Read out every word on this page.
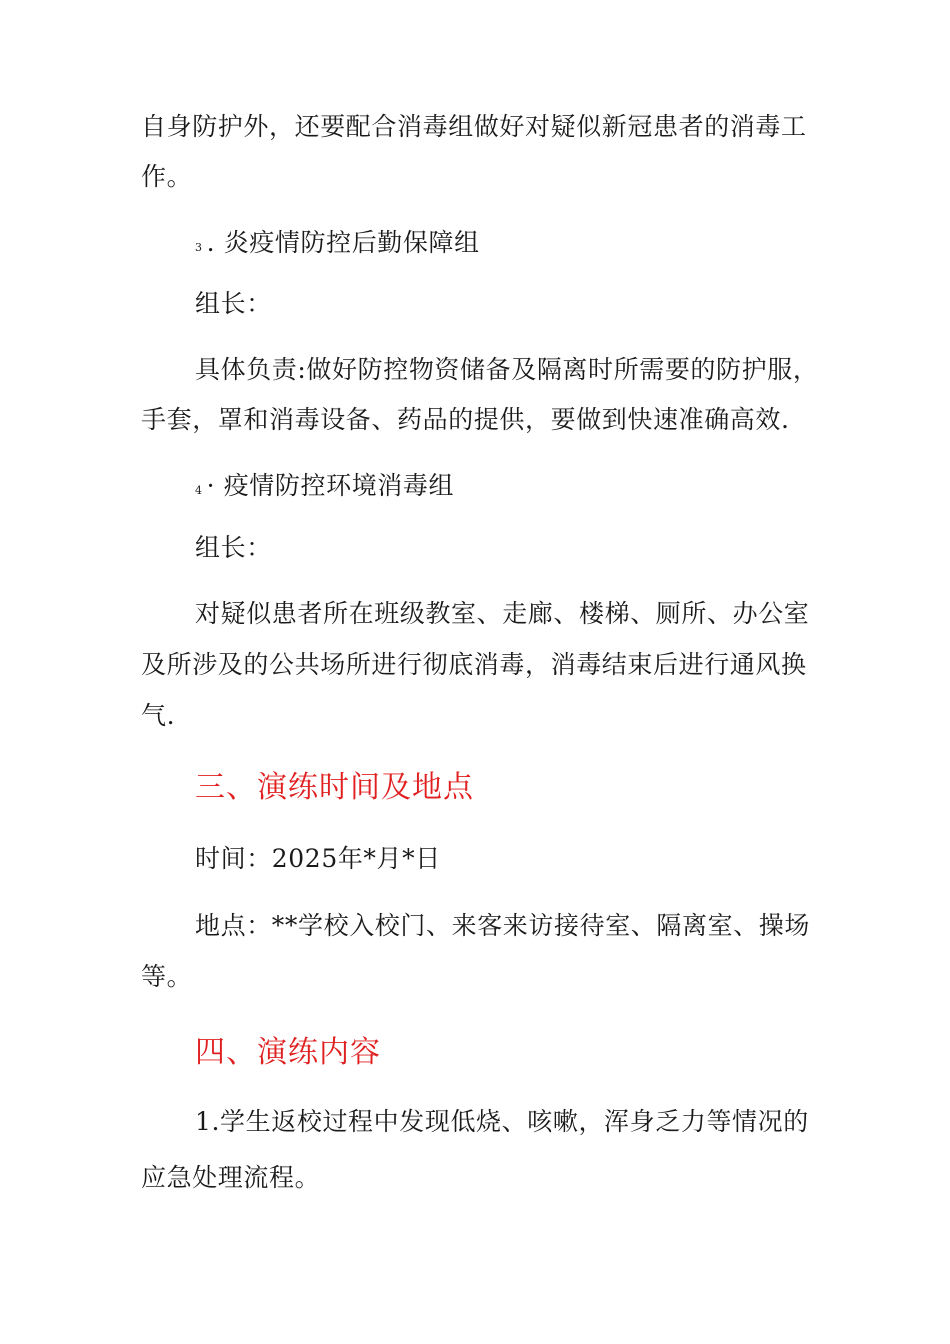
自身防护外，还要配合消毒组做好对疑似新冠患者的消毒工
作。
3 . 炎疫情防控后勤保障组
组长：
具体负责:做好防控物资储备及隔离时所需要的防护服，
手套，罩和消毒设备、药品的提供，要做到快速准确高效.
4 · 疫情防控环境消毒组
组长：
对疑似患者所在班级教室、走廊、楼梯、厕所、办公室
及所涉及的公共场所进行彻底消毒，消毒结束后进行通风换
气.
三、演练时间及地点
时间：2025年*月*日
地点：**学校入校门、来客来访接待室、隔离室、操场
等。
四、演练内容
1.学生返校过程中发现低烧、咳嗽，浑身乏力等情况的
应急处理流程。
